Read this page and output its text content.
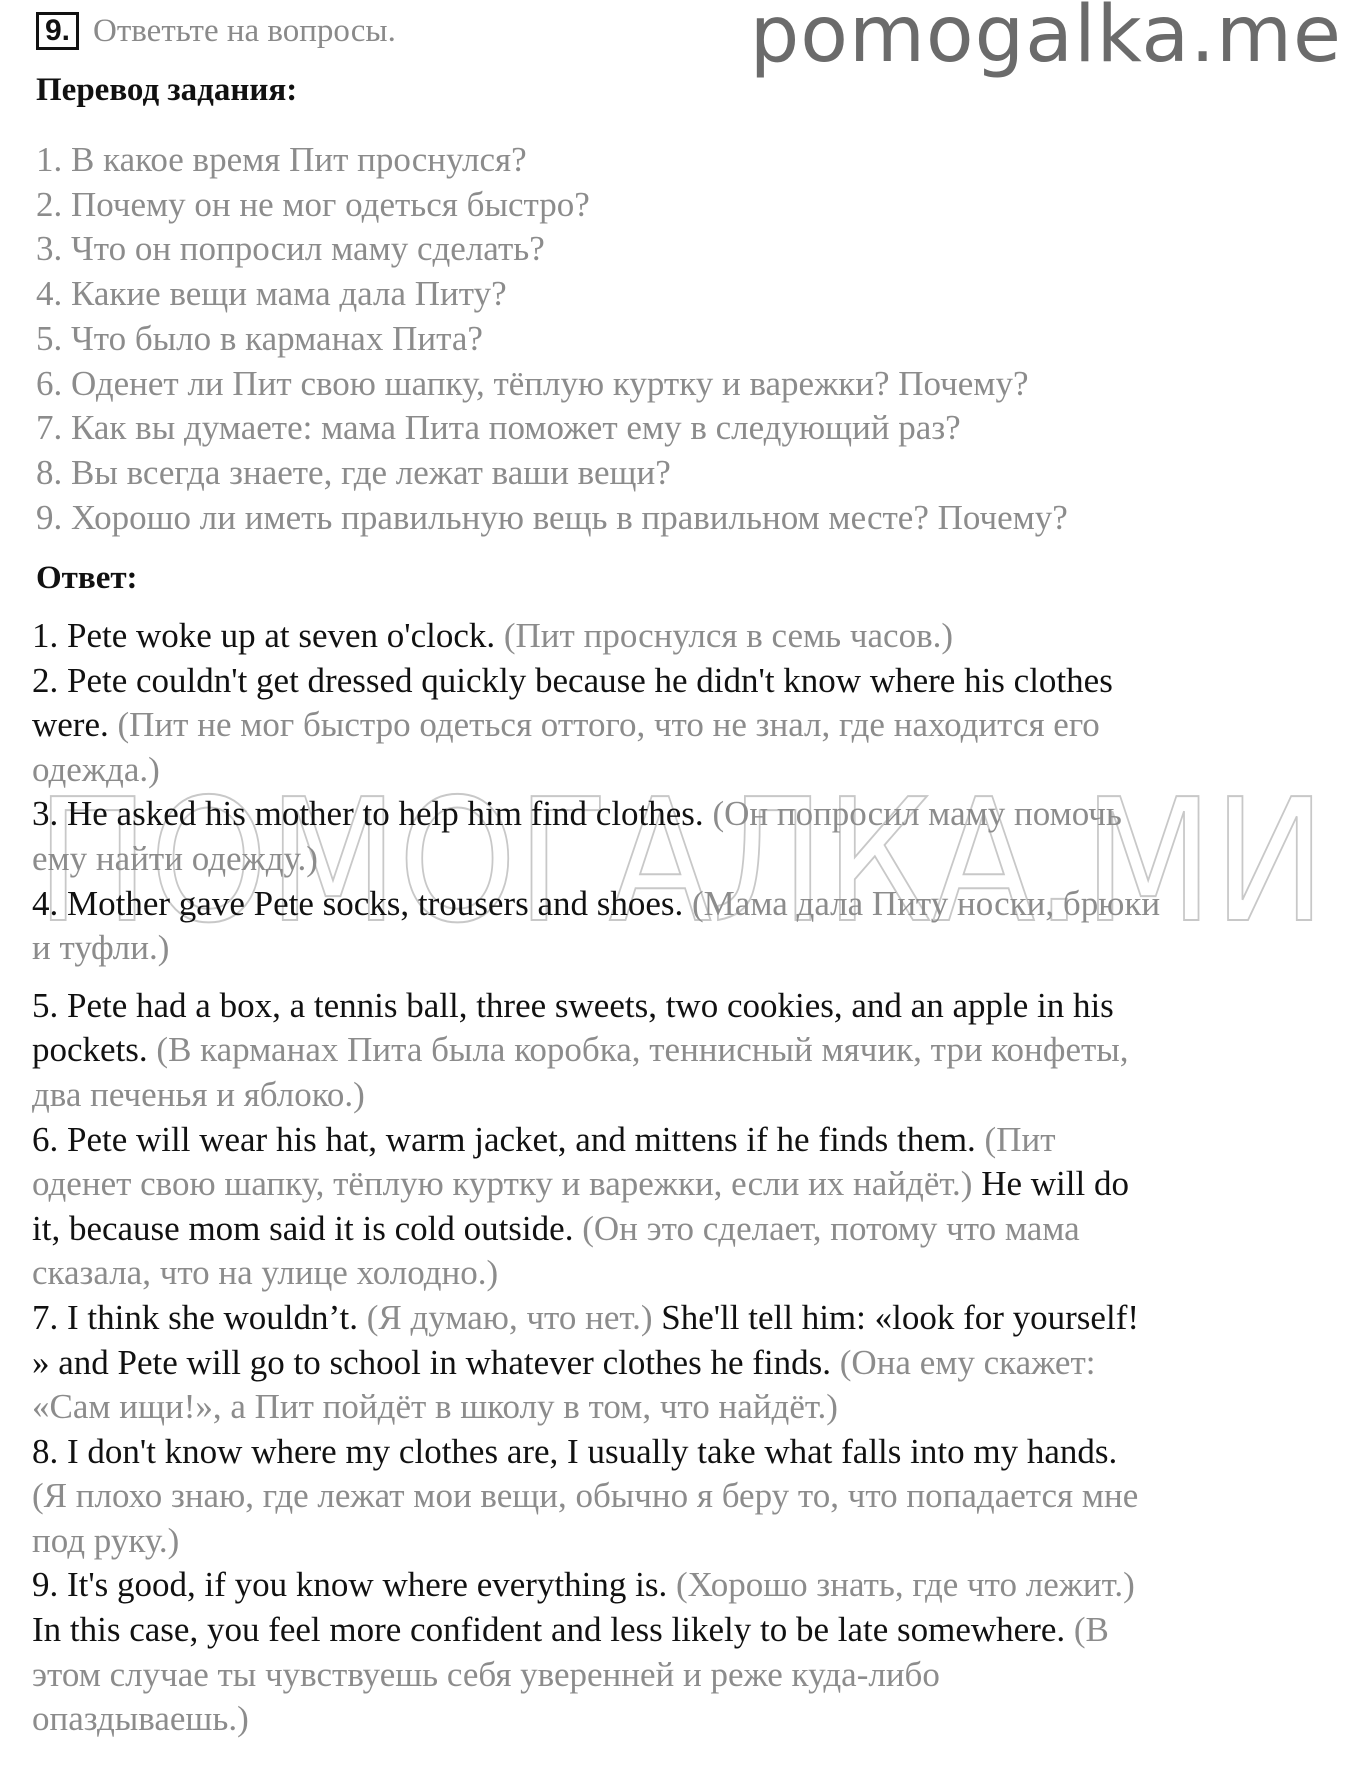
9. Ответьте на вопросы.	pomogalka.me
Перевод задания:
1. В какое время Пит проснулся?
2. Почему он не мог одеться быстро?
3. Что он попросил маму сделать?
4. Какие вещи мама дала Питу?
5. Что было в карманах Пита?
6. Оденет ли Пит свою шапку, тёплую куртку и варежки? Почему?
7. Как вы думаете: мама Пита поможет ему в следующий раз?
8. Вы всегда знаете, где лежат ваши вещи?
9. Хорошо ли иметь правильную вещь в правильном месте? Почему?
Ответ:
ПОМОГАЛКА.МИ
1. Pete woke up at seven o'clock. (Пит проснулся в семь часов.)
2. Pete couldn't get dressed quickly because he didn't know where his clothes
were. (Пит не мог быстро одеться оттого, что не знал, где находится его
одежда.)
3. He asked his mother to help him find clothes. (Он попросил маму помочь
ему найти одежду.)
4. Mother gave Pete socks, trousers and shoes. (Мама дала Питу носки, брюки
и туфли.)
5. Pete had a box, a tennis ball, three sweets, two cookies, and an apple in his
pockets. (В карманах Пита была коробка, теннисный мячик, три конфеты,
два печенья и яблоко.)
6. Pete will wear his hat, warm jacket, and mittens if he finds them. (Пит
оденет свою шапку, тёплую куртку и варежки, если их найдёт.) He will do
it, because mom said it is cold outside. (Он это сделает, потому что мама
сказала, что на улице холодно.)
7. I think she wouldn’t. (Я думаю, что нет.) She'll tell him: «look for yourself!
» and Pete will go to school in whatever clothes he finds. (Она ему скажет:
«Сам ищи!», а Пит пойдёт в школу в том, что найдёт.)
8. I don't know where my clothes are, I usually take what falls into my hands.
(Я плохо знаю, где лежат мои вещи, обычно я беру то, что попадается мне
под руку.)
9. It's good, if you know where everything is. (Хорошо знать, где что лежит.)
In this case, you feel more confident and less likely to be late somewhere. (В
этом случае ты чувствуешь себя уверенней и реже куда-либо
опаздываешь.)
